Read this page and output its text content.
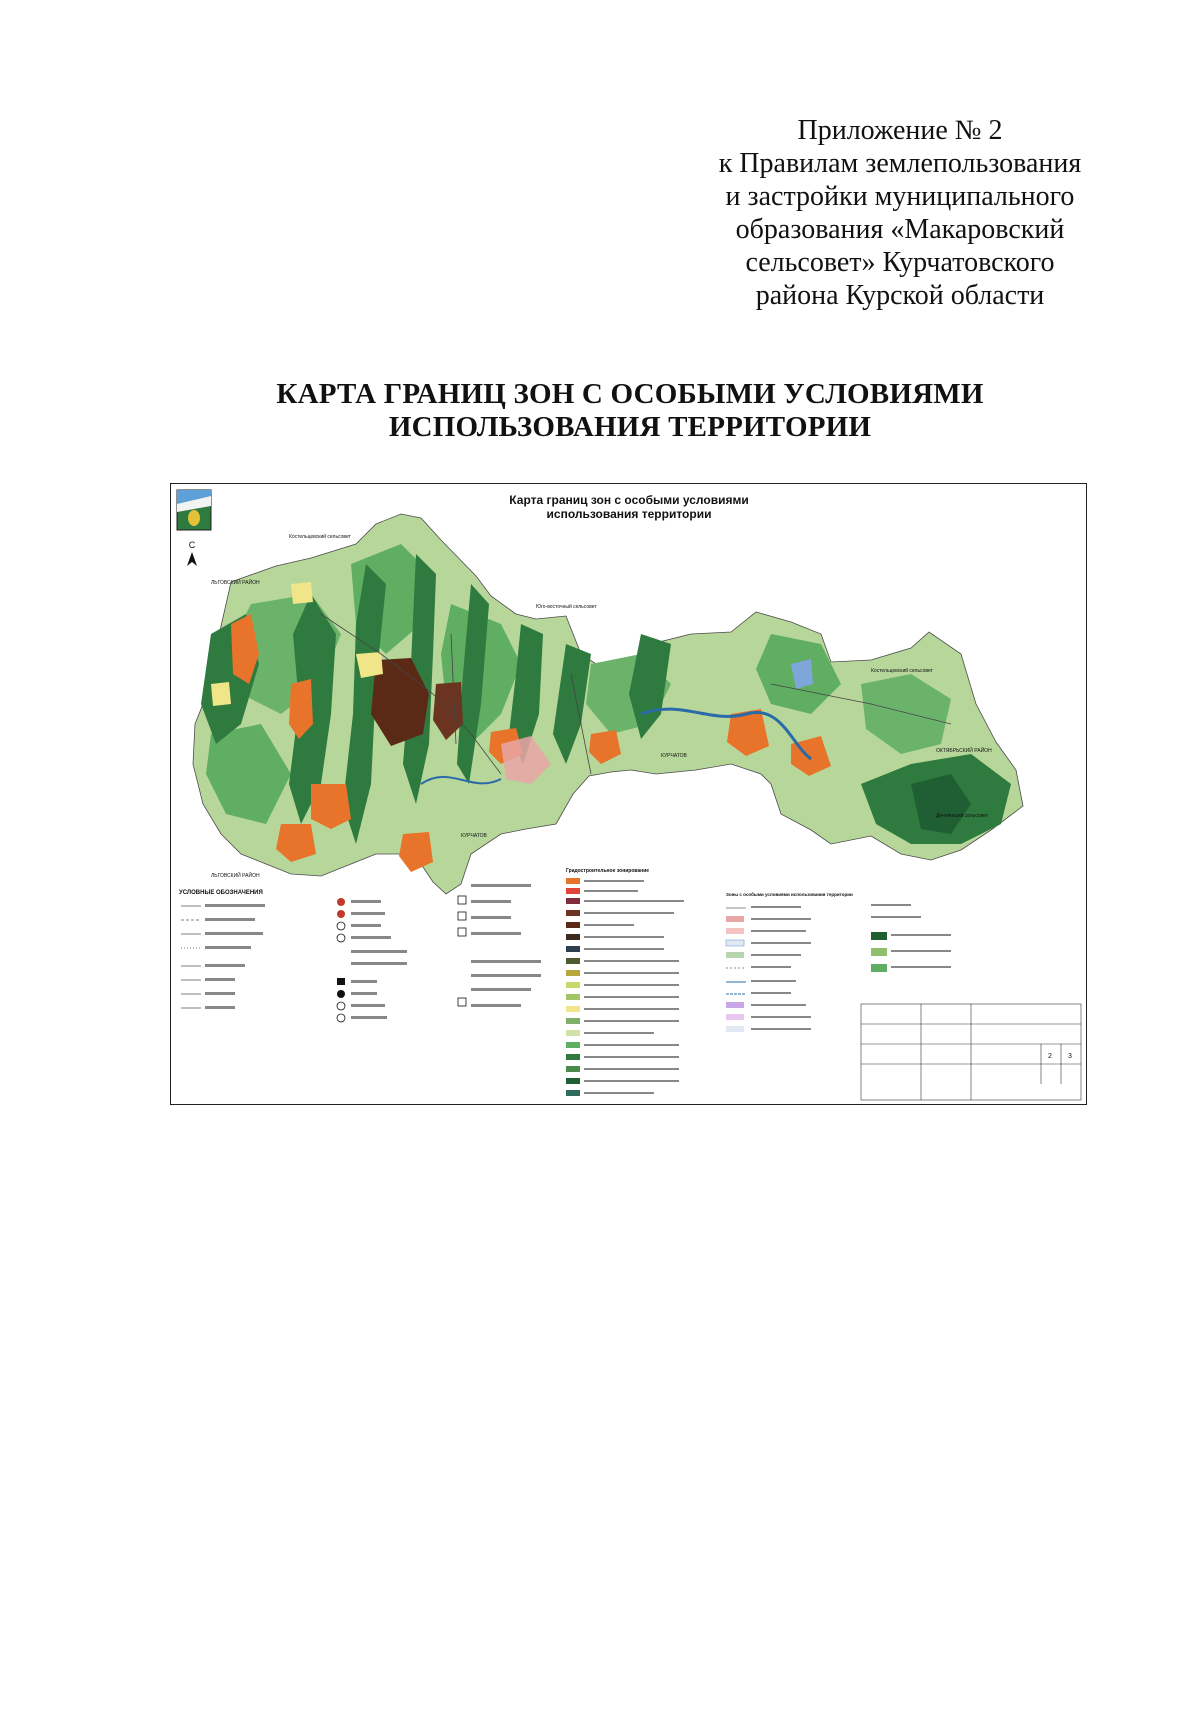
Приложение № 2
к Правилам землепользования
и застройки муниципального
образования «Макаровский
сельсовет» Курчатовского
района Курской области
КАРТА ГРАНИЦ ЗОН С ОСОБЫМИ УСЛОВИЯМИ
ИСПОЛЬЗОВАНИЯ ТЕРРИТОРИИ
С
Карта границ зон с особыми условиями
использования территории
ЛЬГОВСКИЙ РАЙОН
Костельцевский сельсовет
Юго-восточный сельсовет
Костельцевский сельсовет
ОКТЯБРЬСКИЙ РАЙОН
Дичнянский сельсовет
КУРЧАТОВ
КУРЧАТОВ
ЛЬГОВСКИЙ РАЙОН
УСЛОВНЫЕ ОБОЗНАЧЕНИЯ
Градостроительное зонирование
Зоны с особыми условиями использования территории
2 3
